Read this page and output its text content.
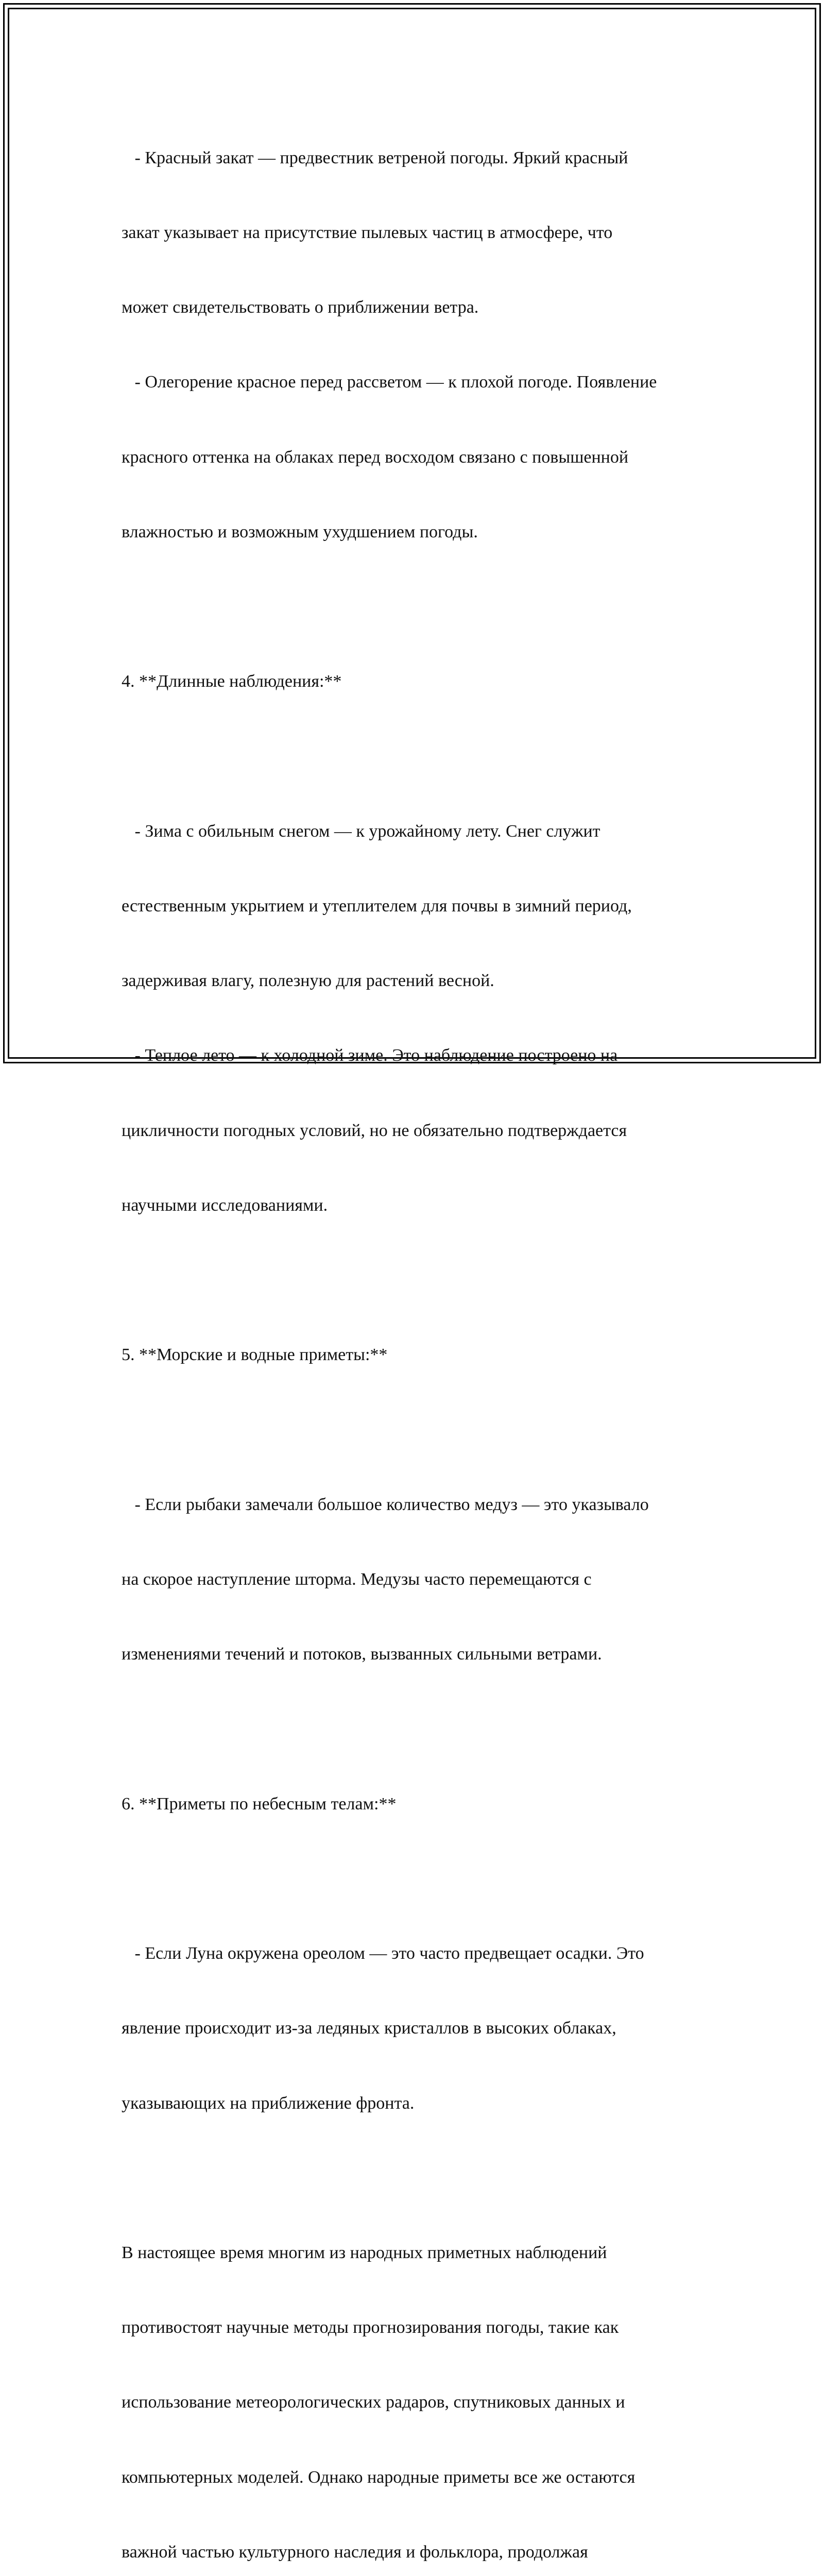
- Красный закат — предвестник ветреной погоды. Яркий красный

закат указывает на присутствие пылевых частиц в атмосфере, что

может свидетельствовать о приближении ветра.

- Олегорение красное перед рассветом — к плохой погоде. Появление

красного оттенка на облаках перед восходом связано с повышенной

влажностью и возможным ухудшением погоды.

4. **Длинные наблюдения:**

- Зима с обильным снегом — к урожайному лету. Снег служит

естественным укрытием и утеплителем для почвы в зимний период,

задерживая влагу, полезную для растений весной.

- Теплое лето — к холодной зиме. Это наблюдение построено на

цикличности погодных условий, но не обязательно подтверждается

научными исследованиями.

5. **Морские и водные приметы:**

- Если рыбаки замечали большое количество медуз — это указывало

на скорое наступление шторма. Медузы часто перемещаются с

изменениями течений и потоков, вызванных сильными ветрами.

6. **Приметы по небесным телам:**

- Если Луна окружена ореолом — это часто предвещает осадки. Это

явление происходит из-за ледяных кристаллов в высоких облаках,

указывающих на приближение фронта.

В настоящее время многим из народных приметных наблюдений

противостоят научные методы прогнозирования погоды, такие как

использование метеорологических радаров, спутниковых данных и

компьютерных моделей. Однако народные приметы все же остаются

важной частью культурного наследия и фольклора, продолжая
